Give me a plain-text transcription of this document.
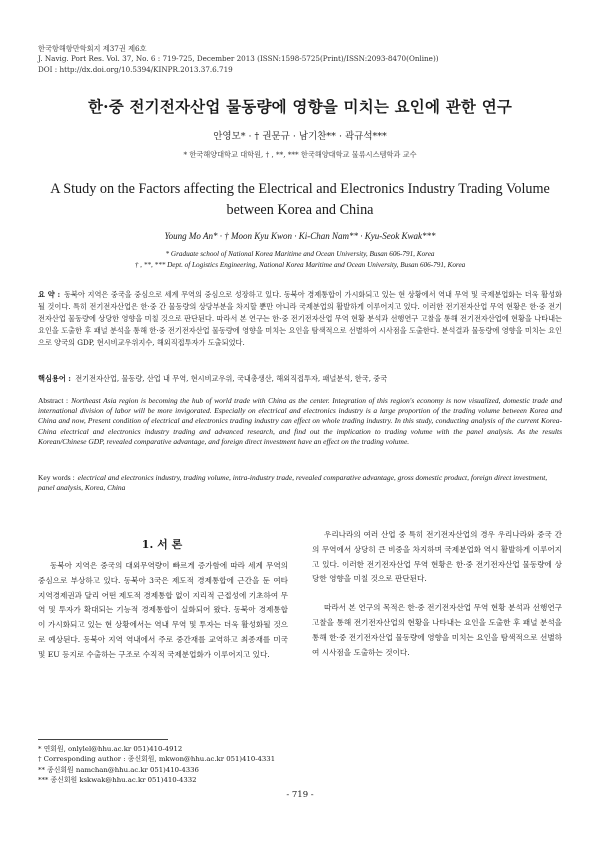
한국항해항만학회지 제37권 제6호
J. Navig. Port Res. Vol. 37, No. 6 : 719-725, December 2013 (ISSN:1598-5725(Print)/ISSN:2093-8470(Online))
DOI : http://dx.doi.org/10.5394/KINPR.2013.37.6.719
한·중 전기전자산업 물동량에 영향을 미치는 요인에 관한 연구
안영모* · † 권문규 · 남기찬** · 곽규석***
* 한국해양대학교 대학원, † , **, *** 한국해양대학교 물류시스템학과 교수
A Study on the Factors affecting the Electrical and Electronics Industry Trading Volume between Korea and China
Young Mo An* · † Moon Kyu Kwon · Ki-Chan Nam** · Kyu-Seok Kwak***
* Graduate school of National Korea Maritime and Ocean University, Busan 606-791, Korea
† , **, *** Dept. of Logistics Engineering, National Korea Maritime and Ocean University, Busan 606-791, Korea
요 약 : 동북아 지역은 중국을 중심으로 세계 무역의 중심으로 성장하고 있다. 동북아 경제통합이 가시화되고 있는 현 상황에서 역내 무역 및 국제분업화는 더욱 활성화될 것이다. 특히 전기전자산업은 한·중 간 물동량의 상당부분을 차지할 뿐만 아니라 국제분업의 활발하게 이루어지고 있다. 이러한 전기전자산업 무역 현황은 한·중 전기전자산업 물동량에 상당한 영향을 미칠 것으로 판단된다. 따라서 본 연구는 한·중 전기전자산업 무역 현황 분석과 선행연구 고찰을 통해 전기전자산업에 현황을 나타내는 요인을 도출한 후 패널 분석을 통해 한·중 전기전자산업 물동량에 영향을 미치는 요인을 탐색적으로 선별하여 시사점을 도출한다. 분석결과 물동량에 영향을 미치는 요인으로 양국의 GDP, 현시비교우위지수, 해외직접투자가 도출되었다.
핵심용어 : 전기전자산업, 물동량, 산업 내 무역, 현시비교우위, 국내총생산, 해외직접투자, 패널분석, 한국, 중국
Abstract : Northeast Asia region is becoming the hub of world trade with China as the center. Integration of this region's economy is now visualized, domestic trade and international division of labor will be more invigorated. Especially on electrical and electronics industry is a large proportion of the trading volume between Korea and China and now, Present condition of electrical and electronics trading industry can effect on whole trading industry. In this study, conducting analysis of the current Korea-China electrical and electronics industry trading and advanced research, and find out the implication to trading volume with the panel analysis. As the results Korean/Chinese GDP, revealed comparative advantage, and foreign direct investment have an effect on the trading volume.
Key words : electrical and electronics industry, trading volume, intra-industry trade, revealed comparative advantage, gross domestic product, foreign direct investment, panel analysis, Korea, China
1. 서 론

동북아 지역은 중국의 대외무역량이 빠르게 증가함에 따라 세계 무역의 중심으로 부상하고 있다. 동북아 3국은 제도적 경제통합에 근간을 둔 여타 지역경제권과 달리 어떤 제도적 경제통합 없이 지리적 근접성에 기초하여 무역 및 투자가 확대되는 기능적 경제통합이 실화되어 왔다. 동북아 경제통합이 가시화되고 있는 현 상황에서는 역내 무역 및 투자는 더욱 활성화될 것으로 예상된다. 동북아 지역 역내에서 주로 중간재를 교역하고 최종재를 미국 및 EU 등지로 수출하는 구조로 수직적 국제분업화가 이루어지고 있다.

우리나라의 여러 산업 중 특히 전기전자산업의 경우 우리나라와 중국 간의 무역에서 상당히 큰 비중을 차지하며 국제분업화 역시 활발하게 이루어지고 있다. 이러한 전기전자산업 무역 현황은 한·중 전기전자산업 물동량에 상당한 영향을 미칠 것으로 판단된다.

따라서 본 연구의 목적은 한·중 전기전자산업 무역 현황 분석과 선행연구 고찰을 통해 전기전자산업의 현황을 나타내는 요인을 도출한 후 패널 분석을 통해 한·중 전기전자산업 물동량에 영향을 미치는 요인을 탐색적으로 선별하여 시사점을 도출하는 것이다.

* 연회원, onlylel@hhu.ac.kr 051)410-4912
† Corresponding author : 종신회원, mkwon@hhu.ac.kr 051)410-4331
** 종신회원 namchan@hhu.ac.kr 051)410-4336
*** 종신회원 kskwak@hhu.ac.kr 051)410-4332
- 719 -
